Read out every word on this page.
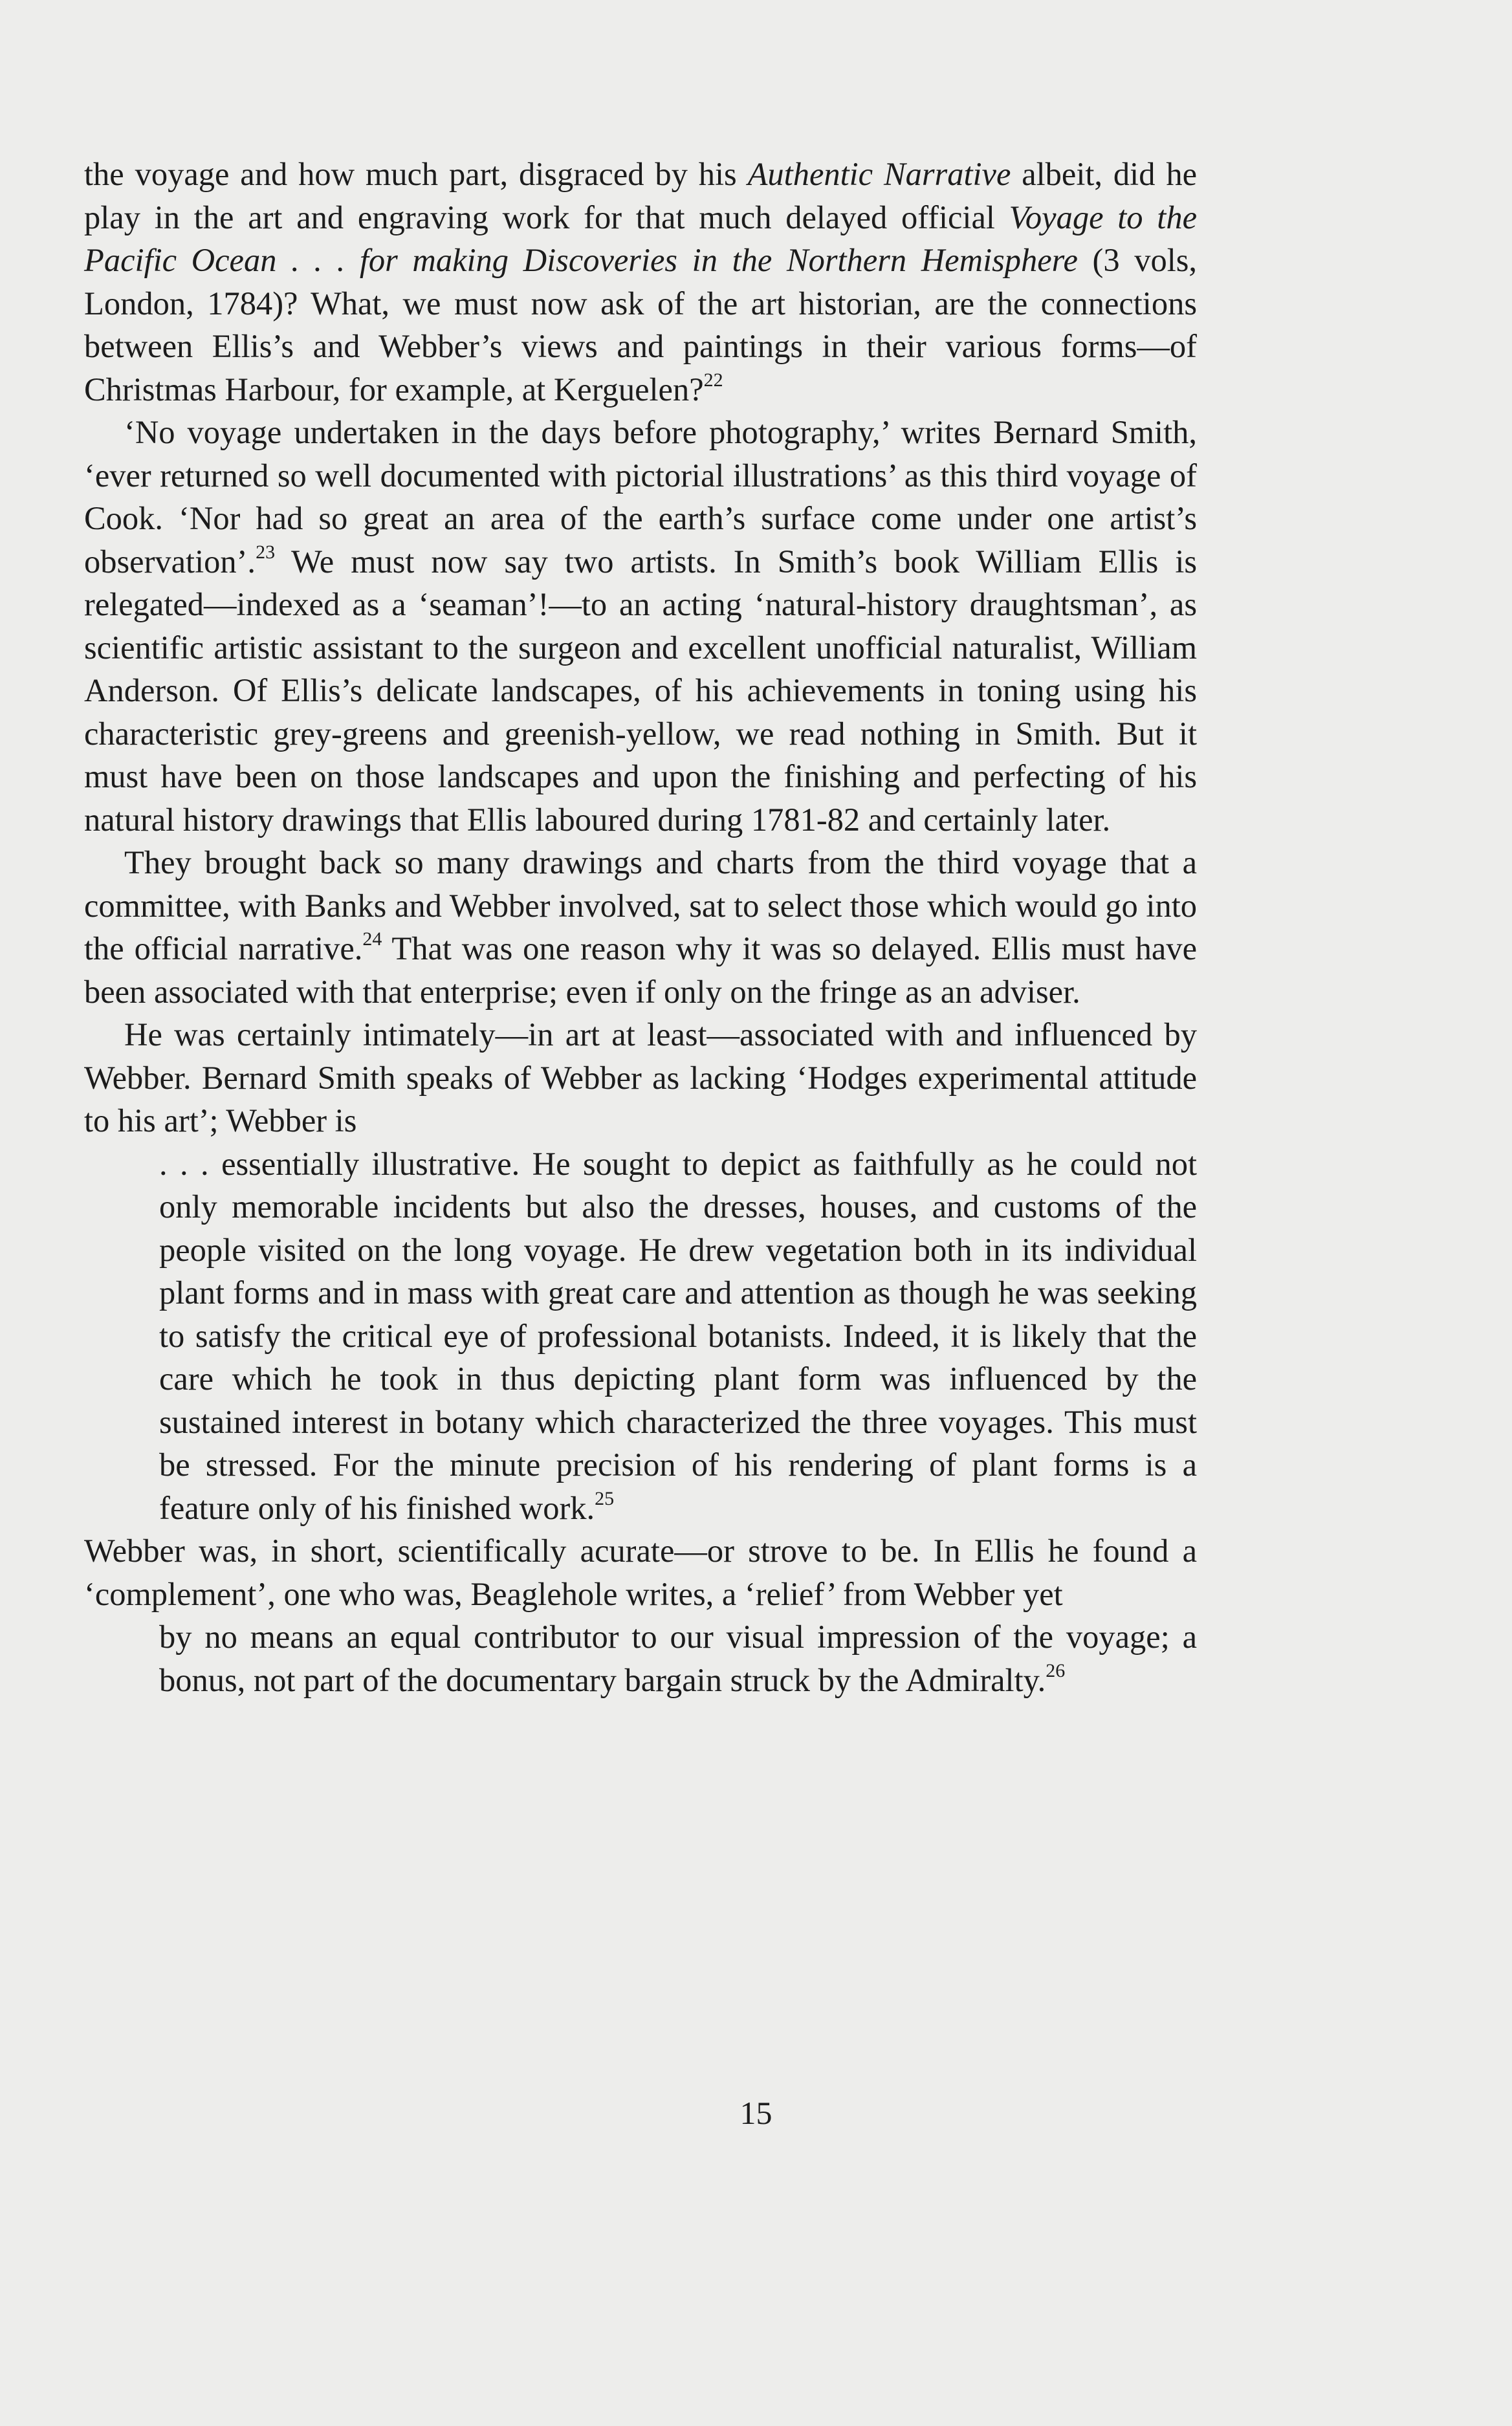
the voyage and how much part, disgraced by his Authentic Narrative albeit, did he play in the art and engraving work for that much delayed official Voyage to the Pacific Ocean . . . for making Discoveries in the Northern Hemisphere (3 vols, London, 1784)? What, we must now ask of the art historian, are the connections between Ellis’s and Webber’s views and paintings in their various forms—of Christmas Harbour, for example, at Kerguelen?$^{22}$

‘No voyage undertaken in the days before photography,’ writes Bernard Smith, ‘ever returned so well documented with pictorial illustrations’ as this third voyage of Cook. ‘Nor had so great an area of the earth’s surface come under one artist’s observation’.$^{23}$ We must now say two artists. In Smith’s book William Ellis is relegated—indexed as a ‘seaman’!—to an acting ‘natural-history draughtsman’, as scientific artistic assistant to the surgeon and excellent unofficial naturalist, William Anderson. Of Ellis’s delicate landscapes, of his achievements in toning using his characteristic grey-greens and greenish-yellow, we read nothing in Smith. But it must have been on those landscapes and upon the finishing and perfecting of his natural history drawings that Ellis laboured during 1781-82 and certainly later.

They brought back so many drawings and charts from the third voyage that a committee, with Banks and Webber involved, sat to select those which would go into the official narrative.$^{24}$ That was one reason why it was so delayed. Ellis must have been associated with that enterprise; even if only on the fringe as an adviser.

He was certainly intimately—in art at least—associated with and influenced by Webber. Bernard Smith speaks of Webber as lacking ‘Hodges experimental attitude to his art’; Webber is

. . . essentially illustrative. He sought to depict as faithfully as he could not only memorable incidents but also the dresses, houses, and customs of the people visited on the long voyage. He drew vegetation both in its individual plant forms and in mass with great care and attention as though he was seeking to satisfy the critical eye of professional botanists. Indeed, it is likely that the care which he took in thus depicting plant form was influenced by the sustained interest in botany which characterized the three voyages. This must be stressed. For the minute precision of his rendering of plant forms is a feature only of his finished work.$^{25}$

Webber was, in short, scientifically acurate—or strove to be. In Ellis he found a ‘complement’, one who was, Beaglehole writes, a ‘relief’ from Webber yet

by no means an equal contributor to our visual impression of the voyage; a bonus, not part of the documentary bargain struck by the Admiralty.$^{26}$

15
